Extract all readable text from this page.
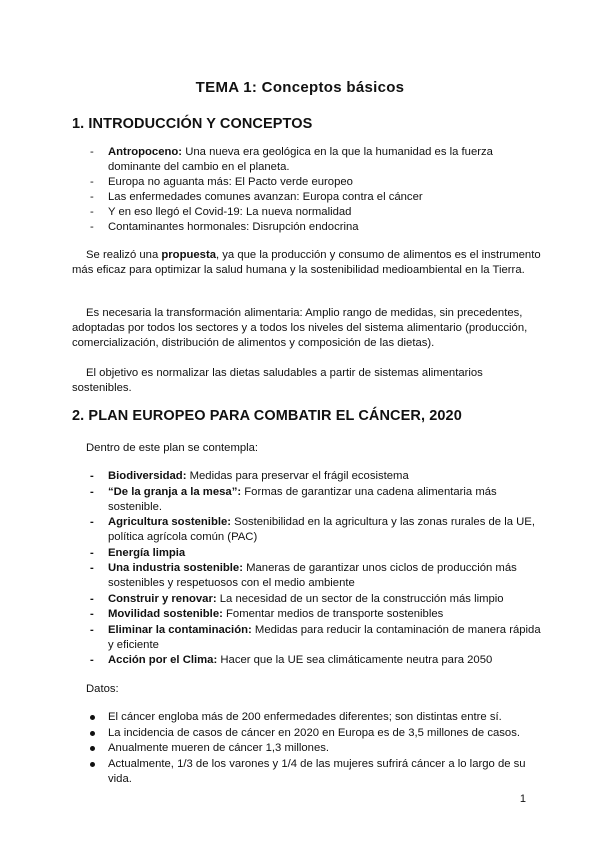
TEMA 1: Conceptos básicos
1. INTRODUCCIÓN Y CONCEPTOS
- Antropoceno: Una nueva era geológica en la que la humanidad es la fuerza dominante del cambio en el planeta.
- Europa no aguanta más: El Pacto verde europeo
- Las enfermedades comunes avanzan: Europa contra el cáncer
- Y en eso llegó el Covid-19: La nueva normalidad
- Contaminantes hormonales: Disrupción endocrina

Se realizó una propuesta, ya que la producción y consumo de alimentos es el instrumento más eficaz para optimizar la salud humana y la sostenibilidad medioambiental en la Tierra.

Es necesaria la transformación alimentaria: Amplio rango de medidas, sin precedentes, adoptadas por todos los sectores y a todos los niveles del sistema alimentario (producción, comercialización, distribución de alimentos y composición de las dietas).

El objetivo es normalizar las dietas saludables a partir de sistemas alimentarios sostenibles.

2. PLAN EUROPEO PARA COMBATIR EL CÁNCER, 2020

Dentro de este plan se contempla:

- Biodiversidad: Medidas para preservar el frágil ecosistema
- “De la granja a la mesa”: Formas de garantizar una cadena alimentaria más sostenible.
- Agricultura sostenible: Sostenibilidad en la agricultura y las zonas rurales de la UE, política agrícola común (PAC)
- Energía limpia
- Una industria sostenible: Maneras de garantizar unos ciclos de producción más sostenibles y respetuosos con el medio ambiente
- Construir y renovar: La necesidad de un sector de la construcción más limpio
- Movilidad sostenible: Fomentar medios de transporte sostenibles
- Eliminar la contaminación: Medidas para reducir la contaminación de manera rápida y eficiente
- Acción por el Clima: Hacer que la UE sea climáticamente neutra para 2050

Datos:

El cáncer engloba más de 200 enfermedades diferentes; son distintas entre sí.
La incidencia de casos de cáncer en 2020 en Europa es de 3,5 millones de casos.
Anualmente mueren de cáncer 1,3 millones.
Actualmente, 1/3 de los varones y 1/4 de las mujeres sufrirá cáncer a lo largo de su vida.
1
